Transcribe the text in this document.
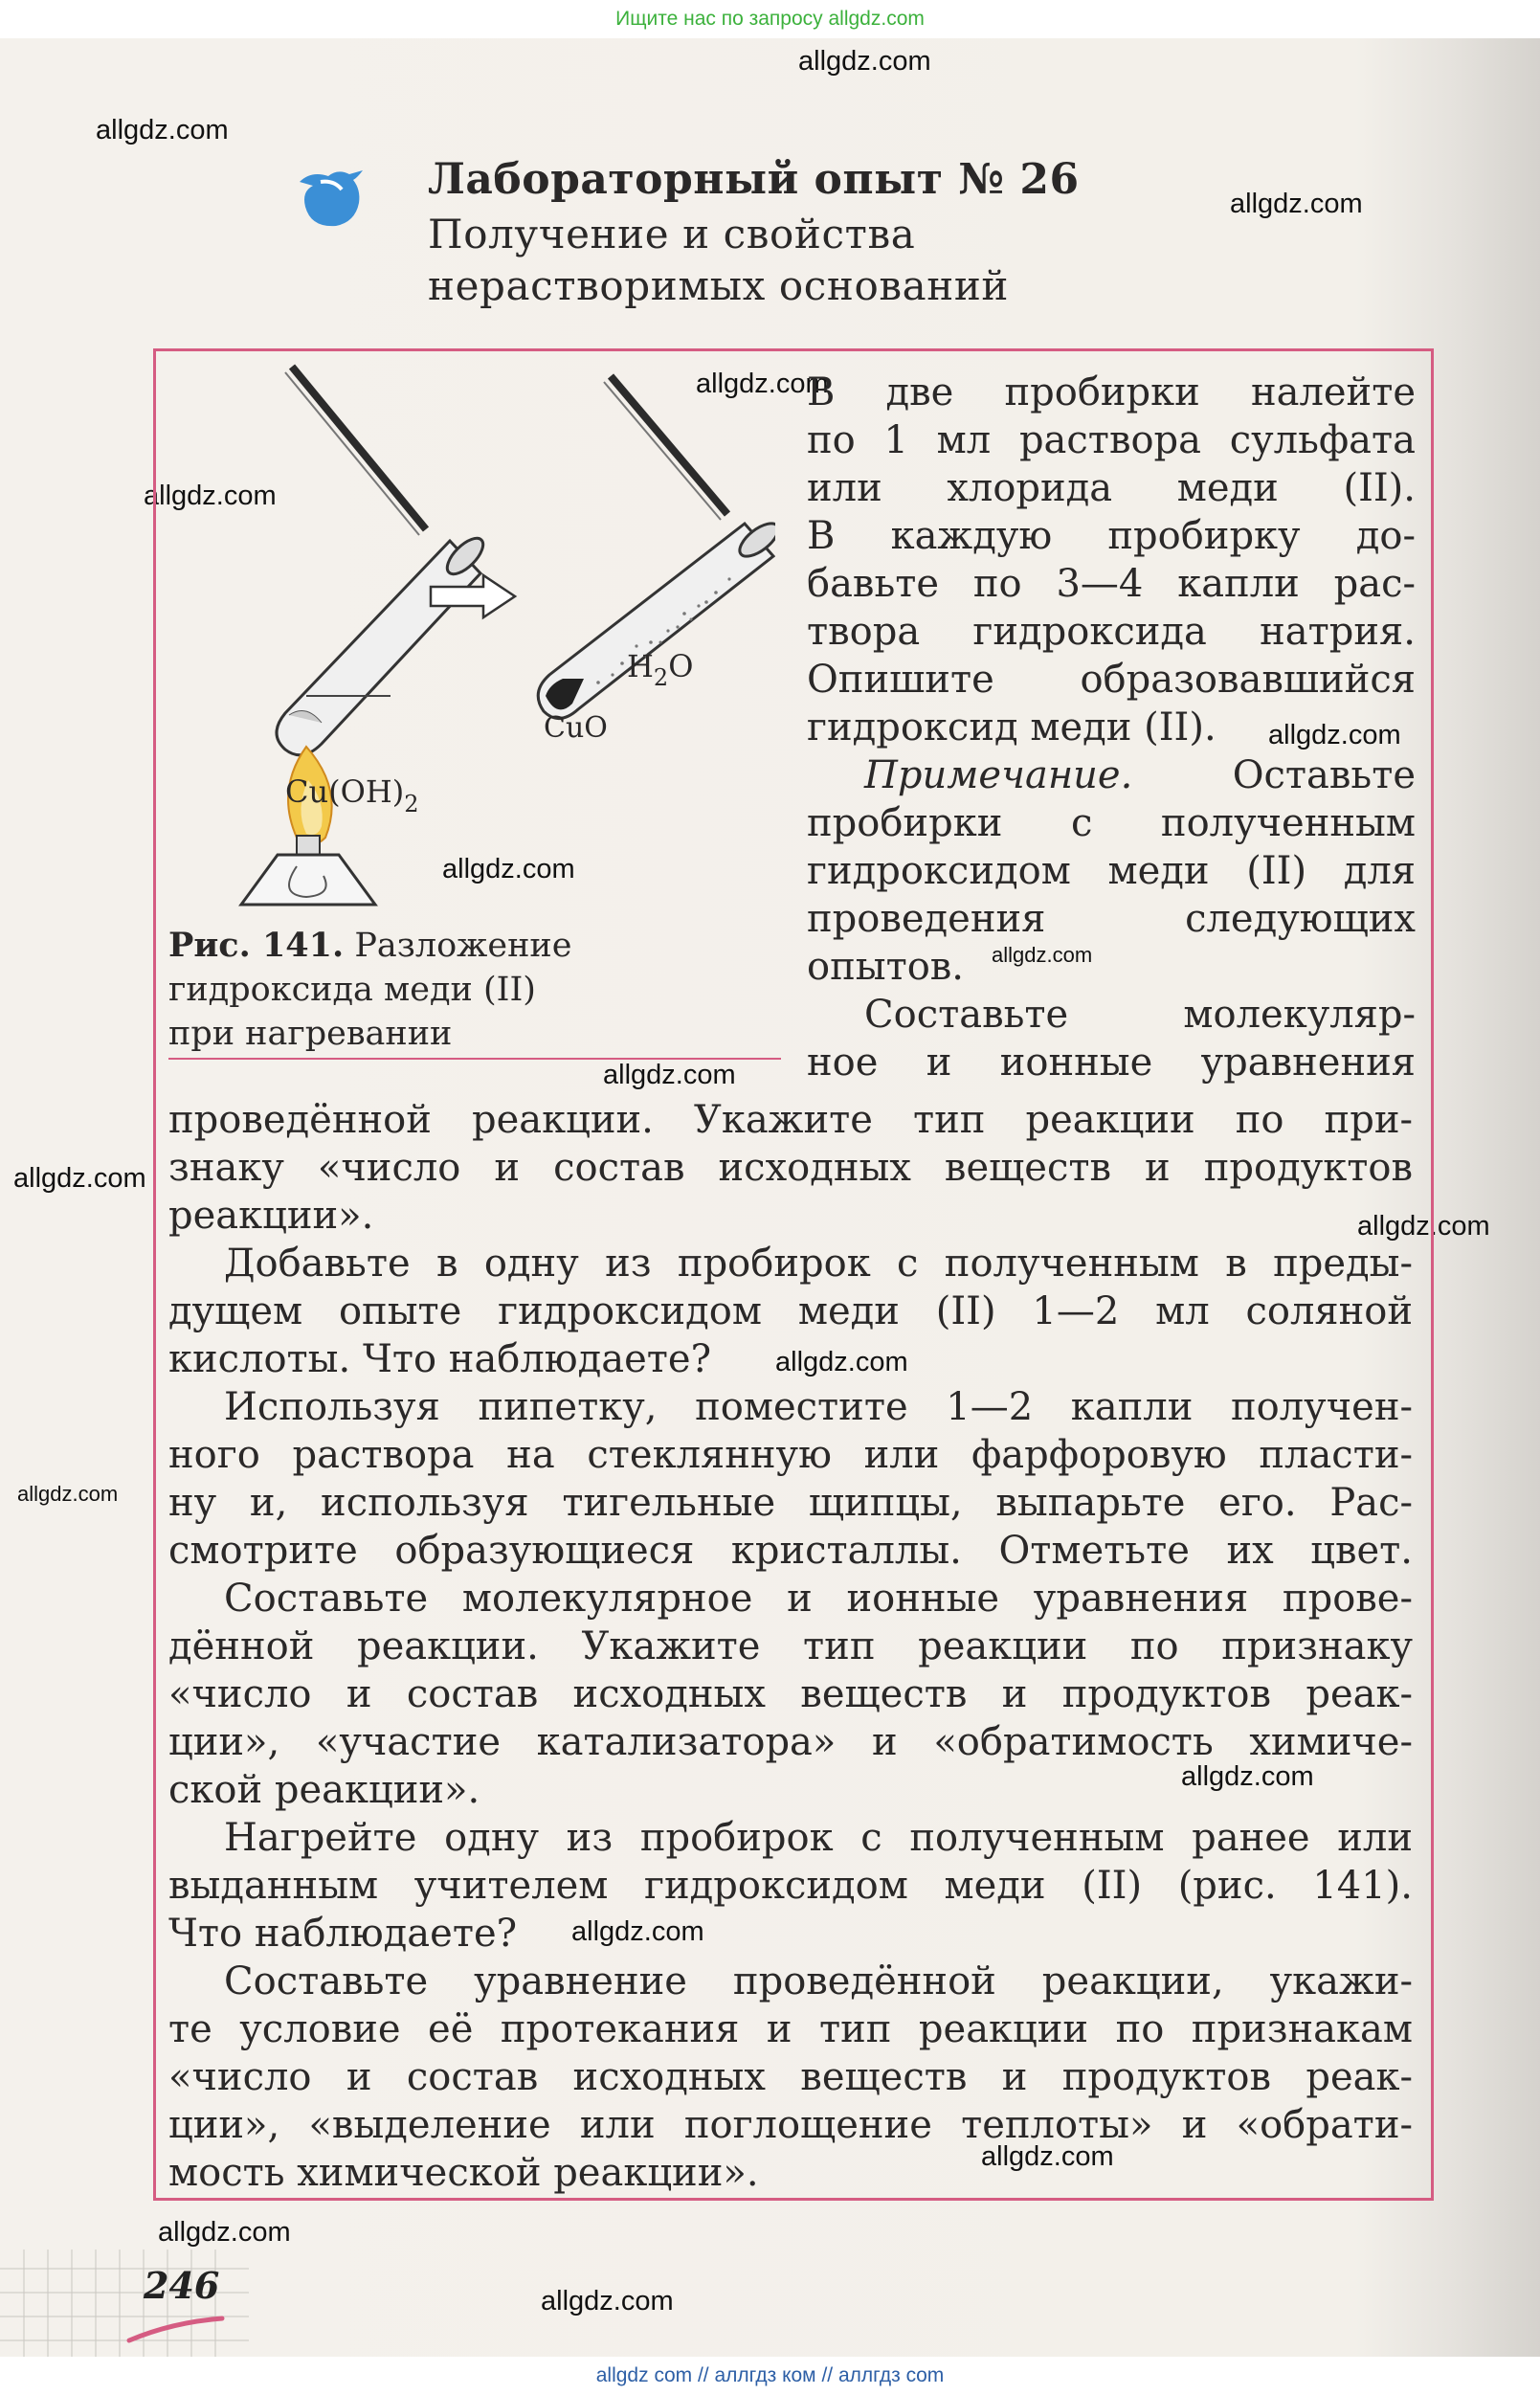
Ищите нас по запросу allgdz.com
allgdz.com
allgdz.com
allgdz.com
allgdz.com
allgdz.com
allgdz.com
allgdz.com
allgdz.com
allgdz.com
allgdz.com
allgdz.com
allgdz.com
allgdz.com
allgdz.com
allgdz.com
allgdz.com
allgdz.com
allgdz.com
Лабораторный опыт № 26
Получение и свойства
нерастворимых оснований
$Cu(OH)_2$
$H_2O$
CuO
Рис. 141. Разложение
гидроксида меди (II)
при нагревании
В две пробирки налейте
по 1 мл раствора сульфата
или хлорида меди (II).
В каждую пробирку до-
бавьте по 3—4 капли рас-
твора гидроксида натрия.
Опишите образовавшийся
гидроксид меди (II).
Примечание.	Оставьте
пробирки с полученным
гидроксидом меди (II) для
проведения следующих
опытов.
Составьте молекуляр-
ное и ионные уравнения
проведённой реакции. Укажите тип реакции по при-
знаку «число и состав исходных веществ и продуктов
реакции».
Добавьте в одну из пробирок с полученным в преды-
дущем опыте гидроксидом меди (II) 1—2 мл соляной
кислоты. Что наблюдаете?
Используя пипетку, поместите 1—2 капли получен-
ного раствора на стеклянную или фарфоровую пласти-
ну и, используя тигельные щипцы, выпарьте его. Рас-
смотрите образующиеся кристаллы. Отметьте их цвет.
Составьте молекулярное и ионные уравнения прове-
дённой реакции. Укажите тип реакции по признаку
«число и состав исходных веществ и продуктов реак-
ции», «участие катализатора» и «обратимость химиче-
ской реакции».
Нагрейте одну из пробирок с полученным ранее или
выданным учителем гидроксидом меди (II) (рис. 141).
Что наблюдаете?
Составьте уравнение проведённой реакции, укажи-
те условие её протекания и тип реакции по признакам
«число и состав исходных веществ и продуктов реак-
ции», «выделение или поглощение теплоты» и «обрати-
мость химической реакции».
246
allgdz com // аллгдз ком // аллгдз com
